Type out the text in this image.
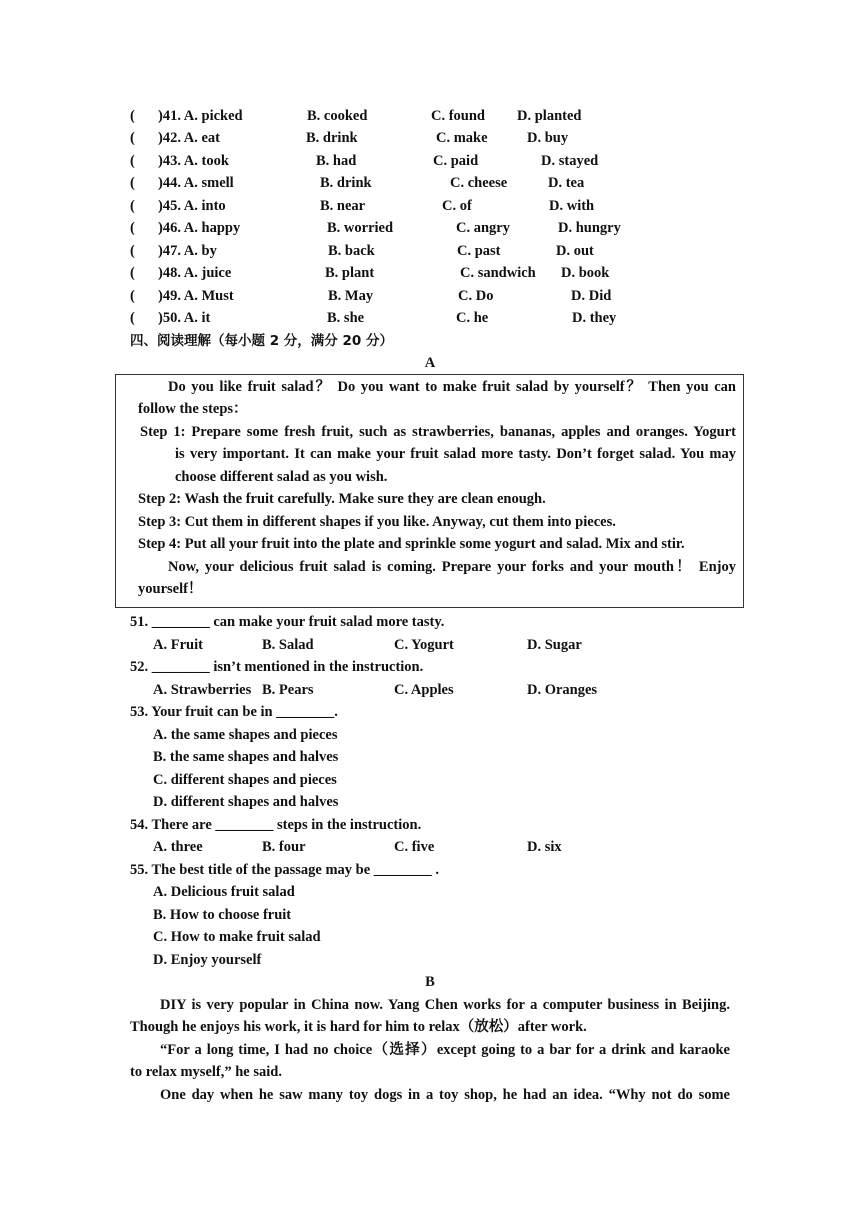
( )41. A. picked	B. cooked	C. found D. planted
( )42. A. eat	B. drink	C. make	D. buy
( )43. A. took	B. had	C. paid	D. stayed
( )44. A. smell	B. drink	C. cheese	D. tea
( )45. A. into	B. near	C. of	D. with
( )46. A. happy	B. worried	C. angry	D. hungry
( )47. A. by	B. back	C. past	D. out
( )48. A. juice	B. plant	C. sandwich D. book
( )49. A. Must	B. May	C. Do	D. Did
( )50. A. it	B. she	C. he	D. they
四、阅读理解（每小题 2 分，满分 20 分）
A
Do you like fruit salad？ Do you want to make fruit salad by yourself？ Then you can
follow the steps：
Step 1: Prepare some fresh fruit, such as strawberries, bananas, apples and oranges. Yogurt
is very important. It can make your fruit salad more tasty. Don’t forget salad. You may
choose different salad as you wish.
Step 2: Wash the fruit carefully. Make sure they are clean enough.
Step 3: Cut them in different shapes if you like. Anyway, cut them into pieces.
Step 4: Put all your fruit into the plate and sprinkle some yogurt and salad. Mix and stir.
Now, your delicious fruit salad is coming. Prepare your forks and your mouth！ Enjoy
yourself！
51. ________ can make your fruit salad more tasty.
A. Fruit	B. Salad	C. Yogurt	D. Sugar
52. ________ isn’t mentioned in the instruction.
A. Strawberries B. Pears	C. Apples	D. Oranges
53. Your fruit can be in ________.
A. the same shapes and pieces
B. the same shapes and halves
C. different shapes and pieces
D. different shapes and halves
54. There are ________ steps in the instruction.
A. three	B. four	C. five	D. six
55. The best title of the passage may be ________ .
A. Delicious fruit salad
B. How to choose fruit
C. How to make fruit salad
D. Enjoy yourself
B
DIY is very popular in China now. Yang Chen works for a computer business in Beijing.
Though he enjoys his work, it is hard for him to relax（放松）after work.
“For a long time, I had no choice（选择）except going to a bar for a drink and karaoke
to relax myself,” he said.
One day when he saw many toy dogs in a toy shop, he had an idea. “Why not do some
